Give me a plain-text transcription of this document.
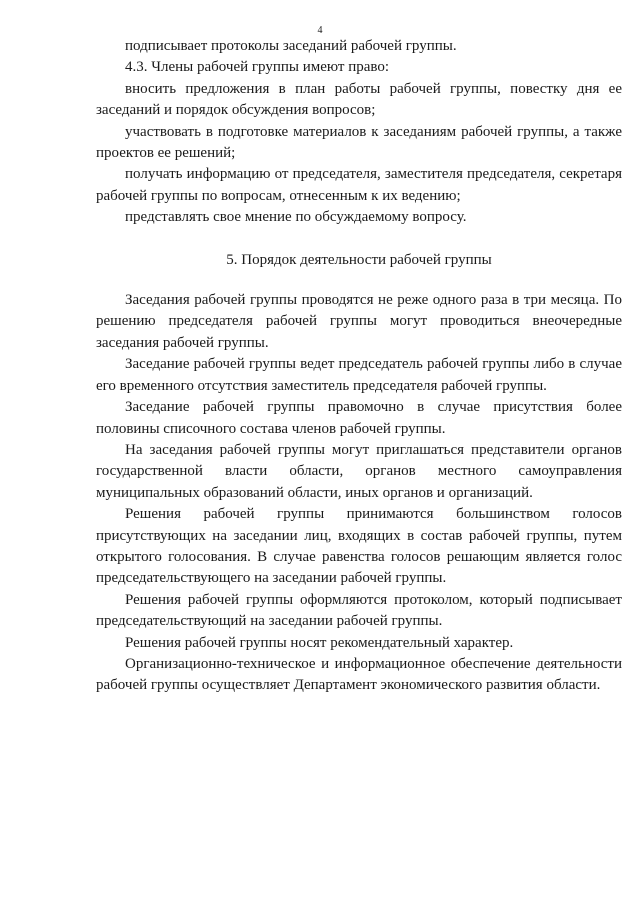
4

подписывает протоколы заседаний рабочей группы.

4.3. Члены рабочей группы имеют право:

вносить предложения в план работы рабочей группы, повестку дня ее заседаний и порядок обсуждения вопросов;

участвовать в подготовке материалов к заседаниям рабочей группы, а также проектов ее решений;

получать информацию от председателя, заместителя председателя, секретаря рабочей группы по вопросам, отнесенным к их ведению;

представлять свое мнение по обсуждаемому вопросу.

5. Порядок деятельности рабочей группы

Заседания рабочей группы проводятся не реже одного раза в три месяца. По решению председателя рабочей группы могут проводиться внеочередные заседания рабочей группы.

Заседание рабочей группы ведет председатель рабочей группы либо в случае его временного отсутствия заместитель председателя рабочей группы.

Заседание рабочей группы правомочно в случае присутствия более половины списочного состава членов рабочей группы.

На заседания рабочей группы могут приглашаться представители органов государственной власти области, органов местного самоуправления муниципальных образований области, иных органов и организаций.

Решения рабочей группы принимаются большинством голосов присутствующих на заседании лиц, входящих в состав рабочей группы, путем открытого голосования. В случае равенства голосов решающим является голос председательствующего на заседании рабочей группы.

Решения рабочей группы оформляются протоколом, который подписывает председательствующий на заседании рабочей группы.

Решения рабочей группы носят рекомендательный характер.

Организационно-техническое и информационное обеспечение деятельности рабочей группы осуществляет Департамент экономического развития области.
